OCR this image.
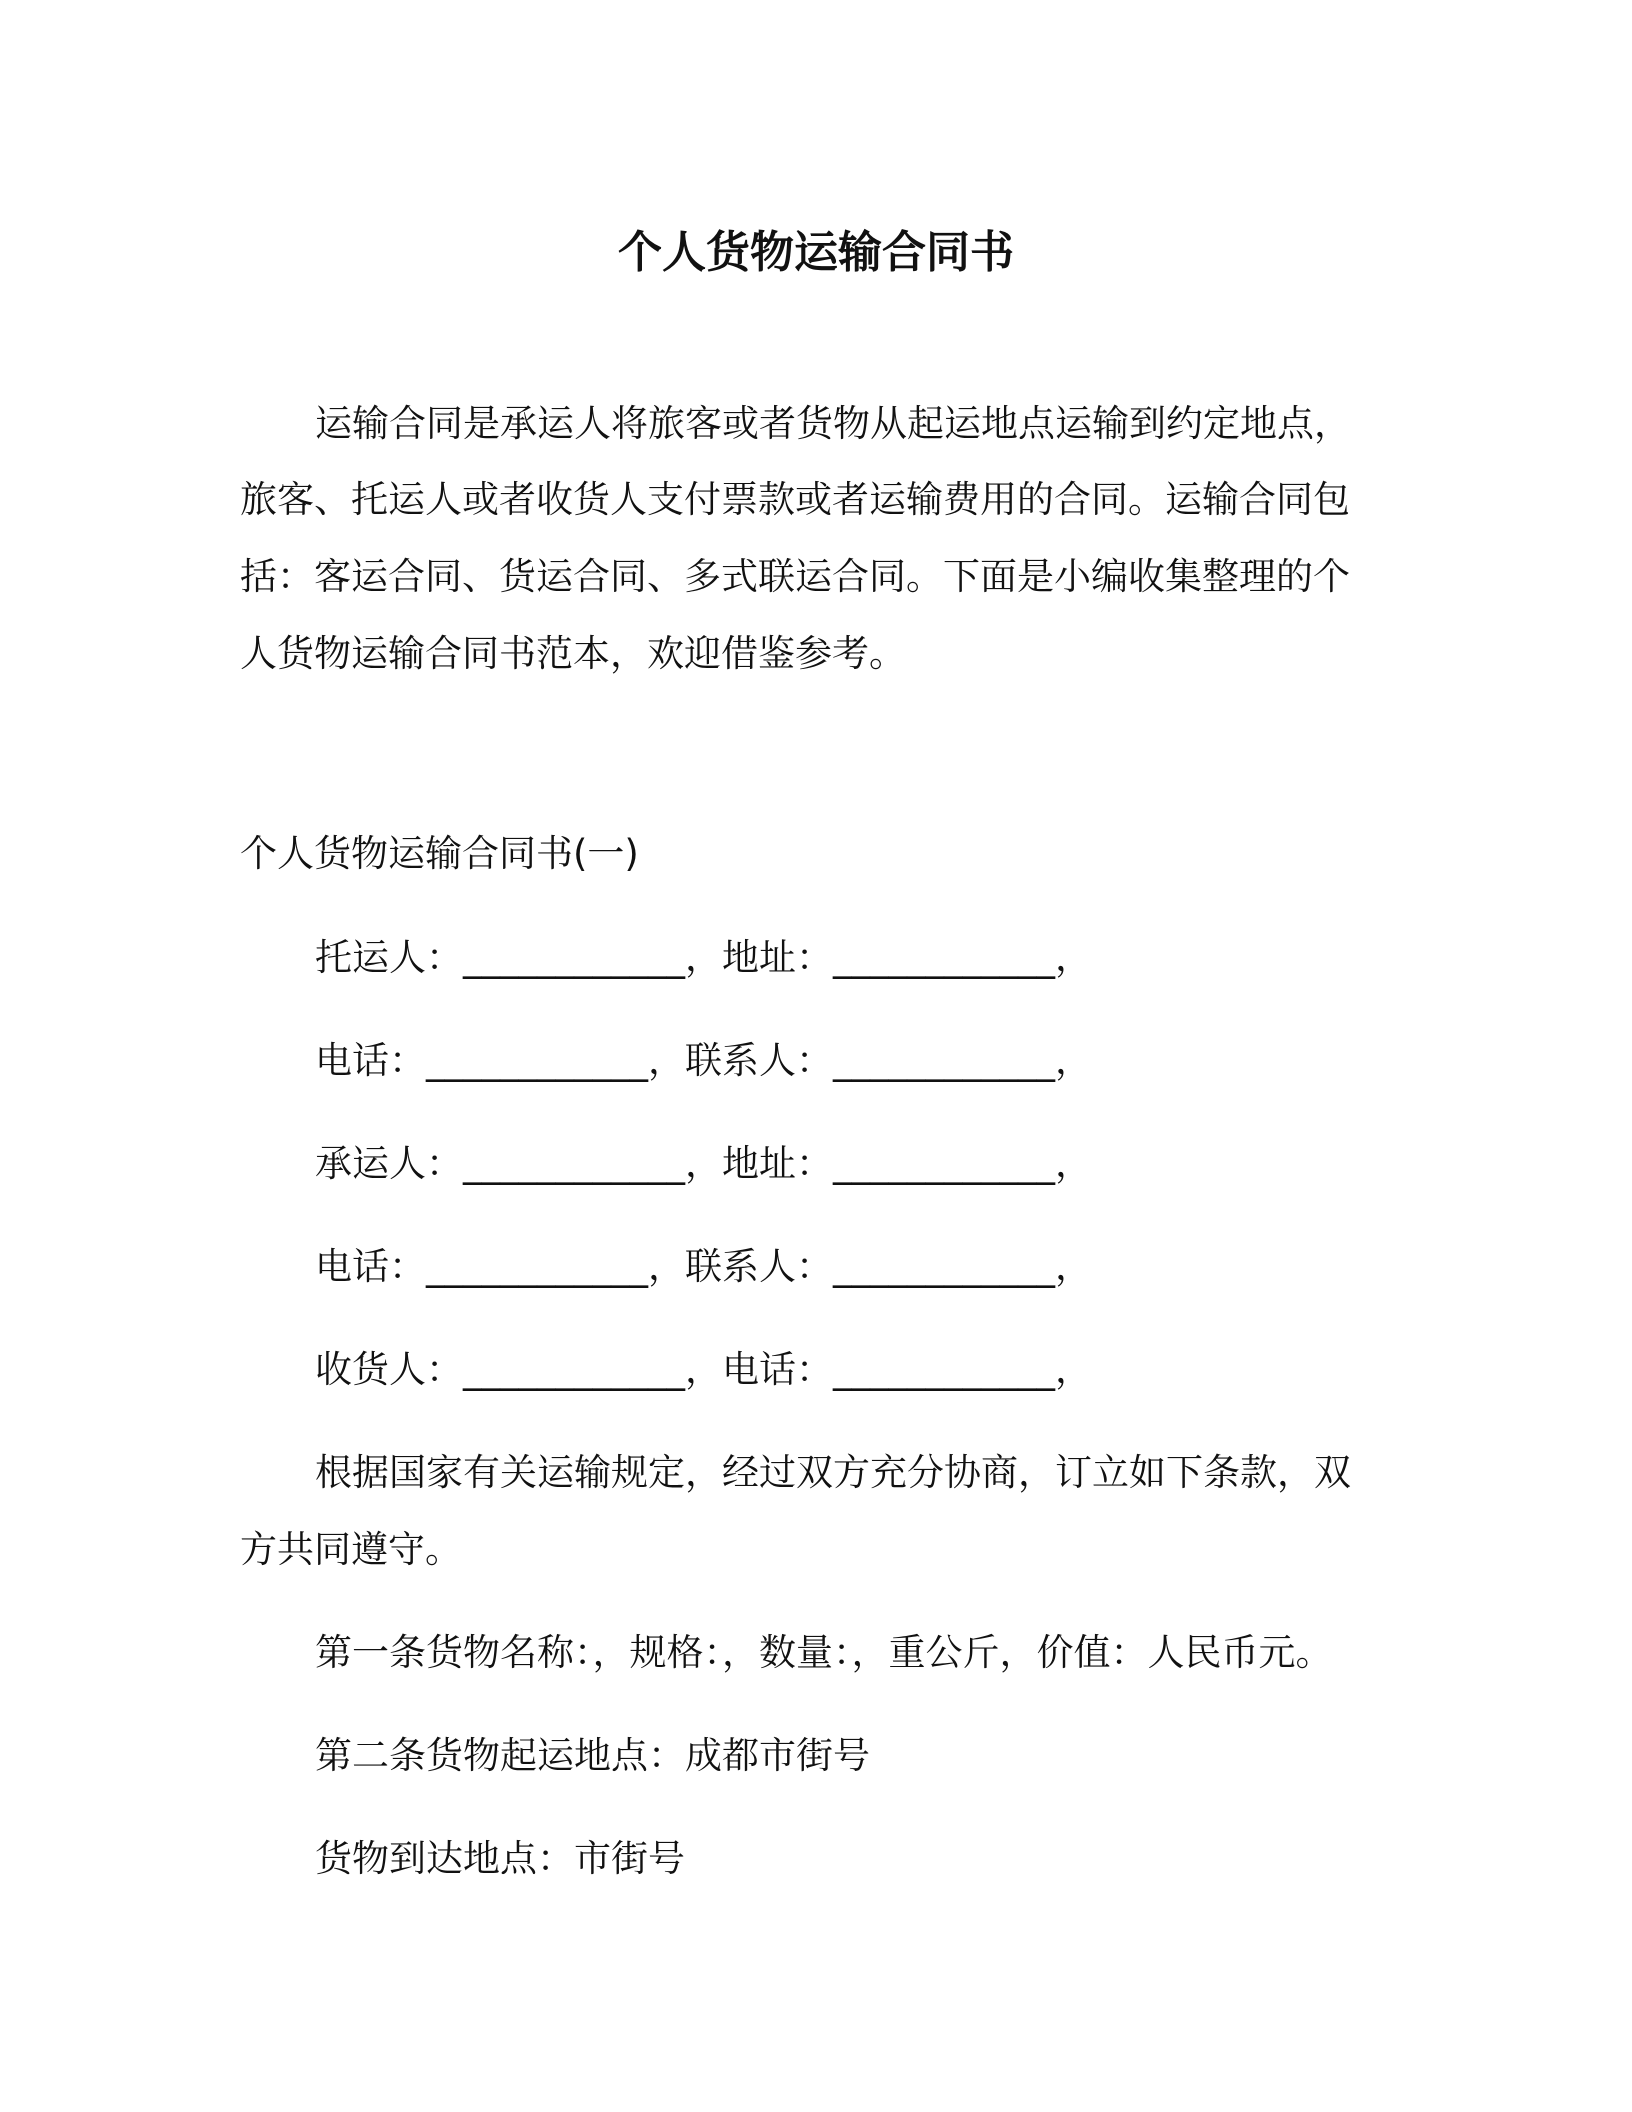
个人货物运输合同书
运输合同是承运人将旅客或者货物从起运地点运输到约定地点，
旅客、托运人或者收货人支付票款或者运输费用的合同。运输合同包
括：客运合同、货运合同、多式联运合同。下面是小编收集整理的个
人货物运输合同书范本，欢迎借鉴参考。
个人货物运输合同书(一)
托运人：____________，地址：____________，
电话：____________，联系人：____________，
承运人：____________，地址：____________，
电话：____________，联系人：____________，
收货人：____________，电话：____________，
根据国家有关运输规定，经过双方充分协商，订立如下条款，双
方共同遵守。
第一条货物名称：，规格：，数量：，重公斤，价值：人民币元。
第二条货物起运地点：成都市街号
货物到达地点：市街号
